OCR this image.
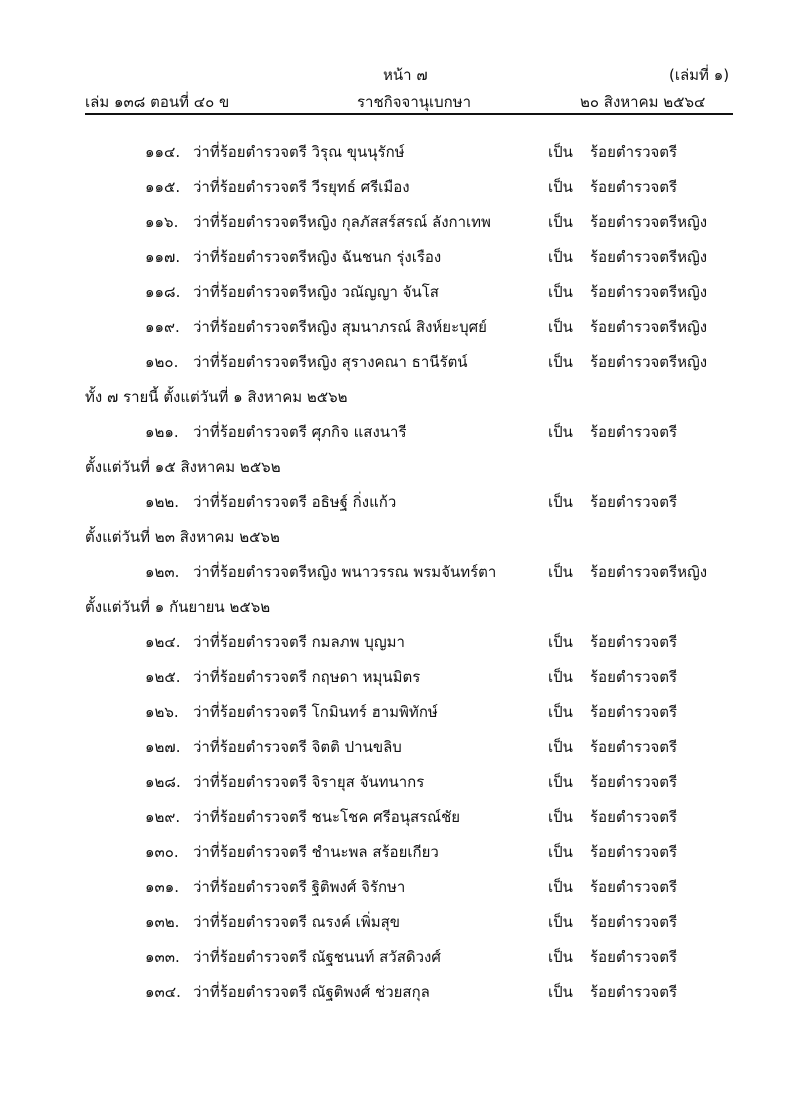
หน้า ๗	(เล่มที่ ๑)
เล่ม ๑๓๘ ตอนที่ ๔๐ ข	ราชกิจจานุเบกษา	๒๐ สิงหาคม ๒๕๖๔
๑๑๔. ว่าที่ร้อยตำรวจตรี วิรุณ ขุนนุรักษ์	เป็น ร้อยตำรวจตรี
๑๑๕. ว่าที่ร้อยตำรวจตรี วีรยุทธ์ ศรีเมือง	เป็น ร้อยตำรวจตรี
๑๑๖. ว่าที่ร้อยตำรวจตรีหญิง กุลภัสสร์สรณ์ ลังกาเทพ	เป็น ร้อยตำรวจตรีหญิง
๑๑๗. ว่าที่ร้อยตำรวจตรีหญิง ฉันชนก รุ่งเรือง	เป็น ร้อยตำรวจตรีหญิง
๑๑๘. ว่าที่ร้อยตำรวจตรีหญิง วณัญญา จันโส	เป็น ร้อยตำรวจตรีหญิง
๑๑๙. ว่าที่ร้อยตำรวจตรีหญิง สุมนาภรณ์ สิงห์ยะบุศย์	เป็น ร้อยตำรวจตรีหญิง
๑๒๐. ว่าที่ร้อยตำรวจตรีหญิง สุรางคณา ธานีรัตน์	เป็น ร้อยตำรวจตรีหญิง
ทั้ง ๗ รายนี้ ตั้งแต่วันที่ ๑ สิงหาคม ๒๕๖๒
๑๒๑. ว่าที่ร้อยตำรวจตรี ศุภกิจ แสงนารี	เป็น ร้อยตำรวจตรี
ตั้งแต่วันที่ ๑๕ สิงหาคม ๒๕๖๒
๑๒๒. ว่าที่ร้อยตำรวจตรี อธิษฐ์ กิ่งแก้ว	เป็น ร้อยตำรวจตรี
ตั้งแต่วันที่ ๒๓ สิงหาคม ๒๕๖๒
๑๒๓. ว่าที่ร้อยตำรวจตรีหญิง พนาวรรณ พรมจันทร์ตา	เป็น ร้อยตำรวจตรีหญิง
ตั้งแต่วันที่ ๑ กันยายน ๒๕๖๒
๑๒๔. ว่าที่ร้อยตำรวจตรี กมลภพ บุญมา	เป็น ร้อยตำรวจตรี
๑๒๕. ว่าที่ร้อยตำรวจตรี กฤษดา หมุนมิตร	เป็น ร้อยตำรวจตรี
๑๒๖. ว่าที่ร้อยตำรวจตรี โกมินทร์ ฮามพิทักษ์	เป็น ร้อยตำรวจตรี
๑๒๗. ว่าที่ร้อยตำรวจตรี จิตติ ปานขลิบ	เป็น ร้อยตำรวจตรี
๑๒๘. ว่าที่ร้อยตำรวจตรี จิรายุส จันทนากร	เป็น ร้อยตำรวจตรี
๑๒๙. ว่าที่ร้อยตำรวจตรี ชนะโชค ศรีอนุสรณ์ชัย	เป็น ร้อยตำรวจตรี
๑๓๐. ว่าที่ร้อยตำรวจตรี ชำนะพล สร้อยเกียว	เป็น ร้อยตำรวจตรี
๑๓๑. ว่าที่ร้อยตำรวจตรี ฐิติพงศ์ จิรักษา	เป็น ร้อยตำรวจตรี
๑๓๒. ว่าที่ร้อยตำรวจตรี ณรงค์ เพิ่มสุข	เป็น ร้อยตำรวจตรี
๑๓๓. ว่าที่ร้อยตำรวจตรี ณัฐชนนท์ สวัสดิวงศ์	เป็น ร้อยตำรวจตรี
๑๓๔. ว่าที่ร้อยตำรวจตรี ณัฐติพงศ์ ช่วยสกุล	เป็น ร้อยตำรวจตรี
